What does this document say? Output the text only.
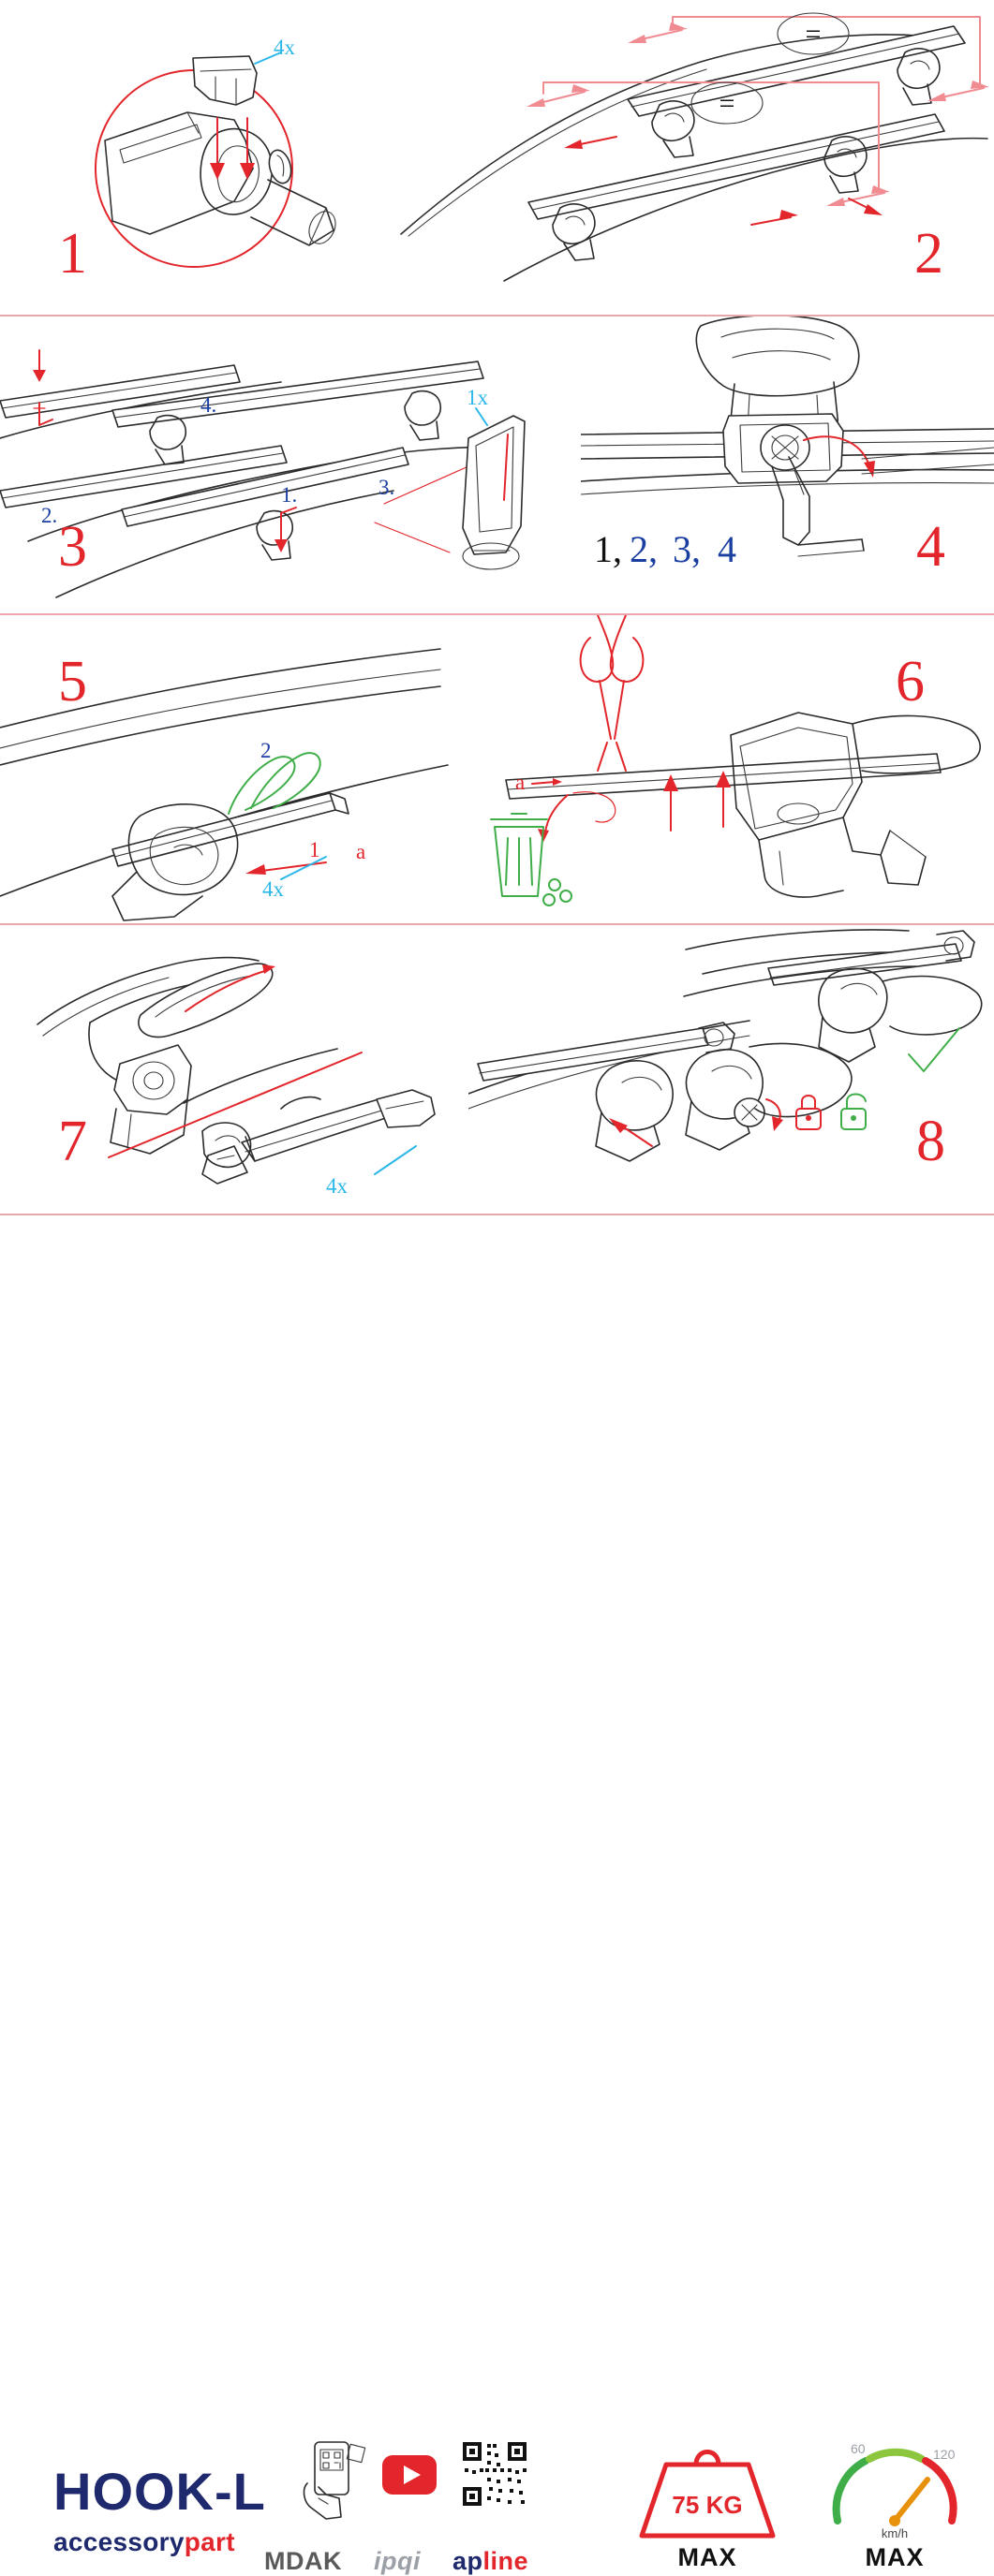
4x
1
=
=
2
4.
2.
1.	3.
1x
3	1, 2, 3, 4	4
1 a
2
4x
5
a
6
4x
7	8
HOOK-L
accessorypart
MDAK ipqi apline
75 KG
MAX
60	120
km/h
MAX
